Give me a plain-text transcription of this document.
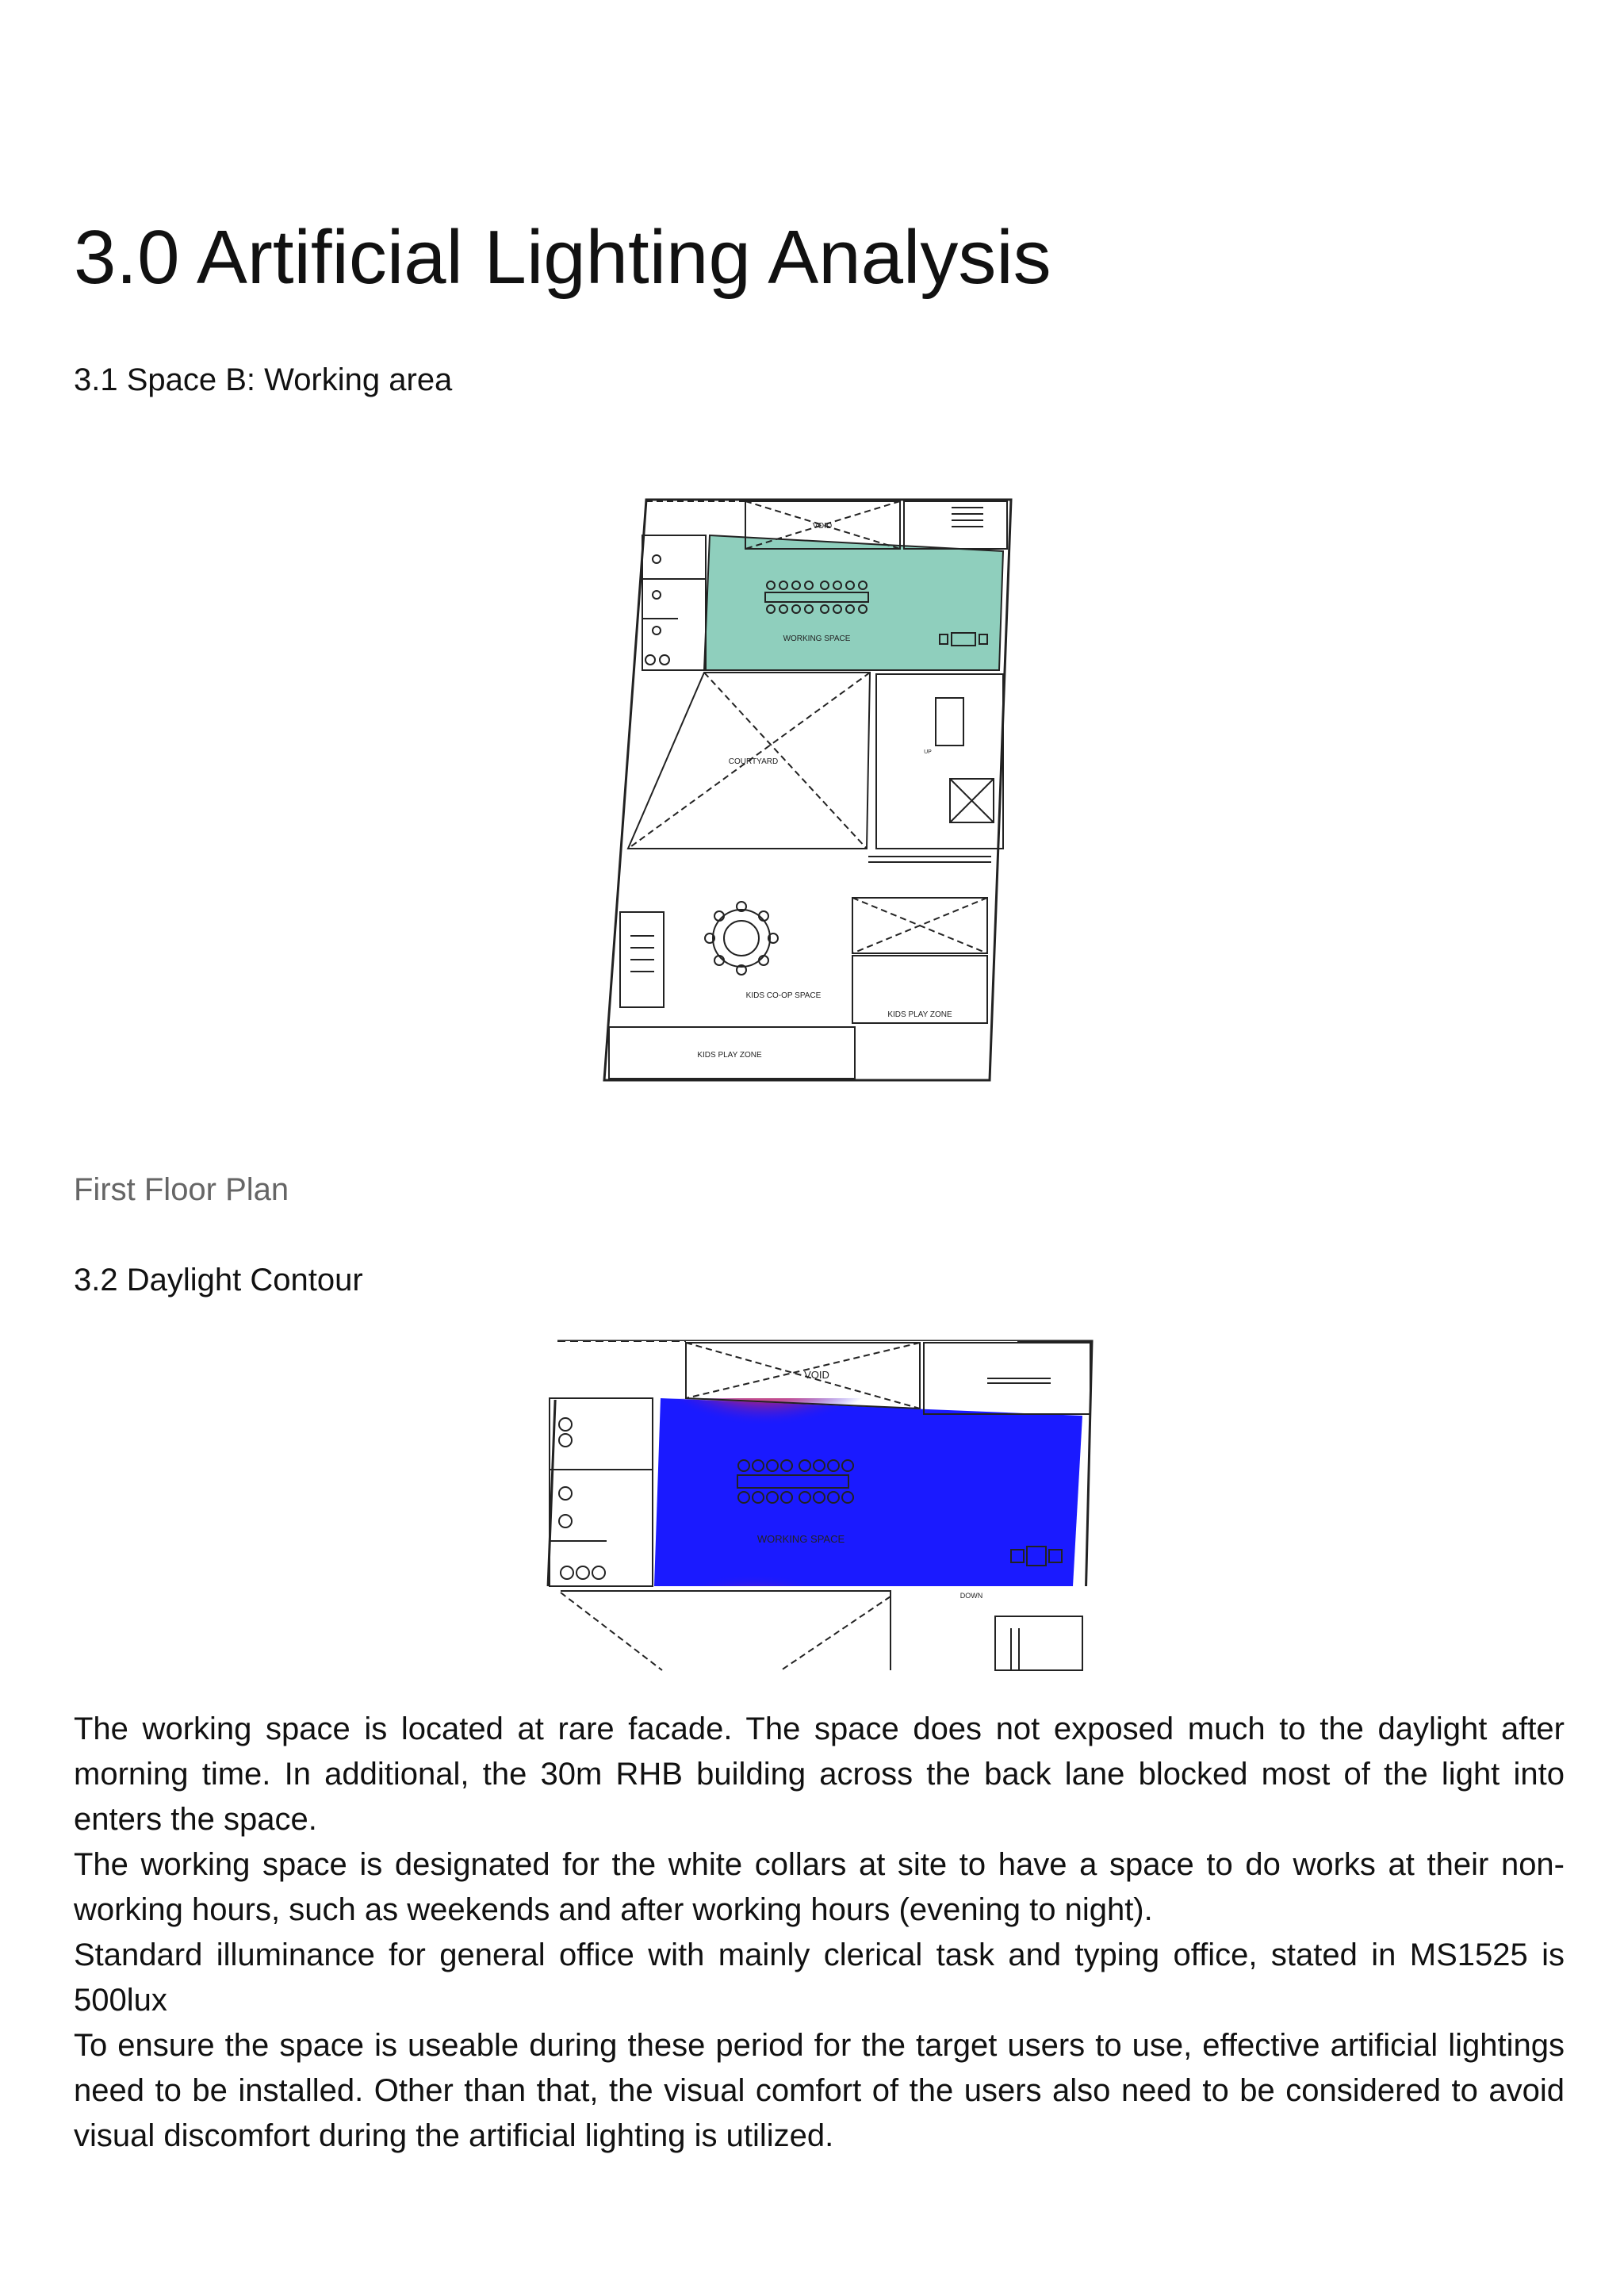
3.0 Artificial Lighting Analysis
3.1 Space B: Working area
VOID
WORKING SPACE
COURTYARD
UP
KIDS CO-OP SPACE
KIDS PLAY ZONE
KIDS PLAY ZONE
First Floor Plan
3.2 Daylight Contour
VOID
WORKING SPACE
DOWN

The working space is located at rare facade. The space does not exposed much to the daylight after morning time. In additional, the 30m RHB building across the back lane blocked most of the light into enters the space.

The working space is designated for the white collars at site to have a space to do works at their non-working hours, such as weekends and after working hours (evening to night).

Standard illuminance for general office with mainly clerical task and typing office, stated in MS1525 is 500lux

To ensure the space is useable during these period for the target users to use, effective artificial lightings need to be installed. Other than that, the visual comfort of the users also need to be considered to avoid visual discomfort during the artificial lighting is utilized.
